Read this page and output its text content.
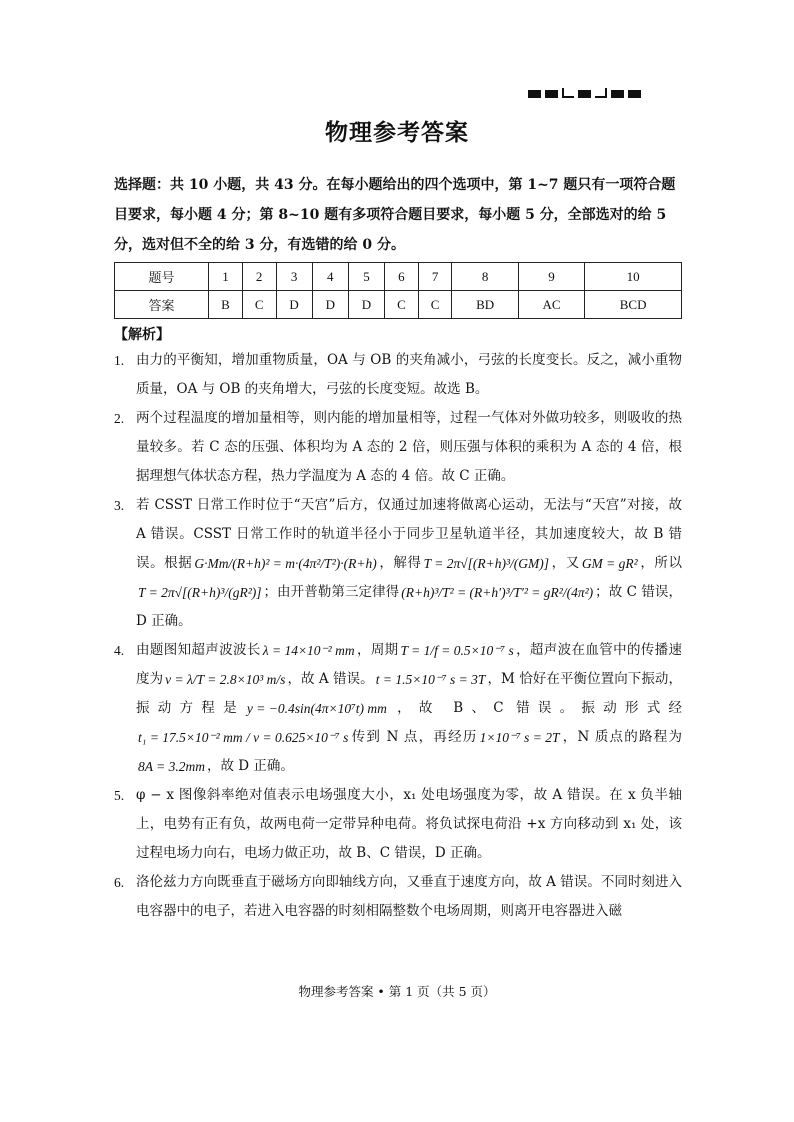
物理参考答案
选择题：共 10 小题，共 43 分。在每小题给出的四个选项中，第 1~7 题只有一项符合题目要求，每小题 4 分；第 8~10 题有多项符合题目要求，每小题 5 分，全部选对的给 5 分，选对但不全的给 3 分，有选错的给 0 分。
题号	1	2	3	4	5	6	7	8	9	10
答案	B	C	D	D	D	C	C	BD	AC	BCD
【解析】
1. 由力的平衡知，增加重物质量，OA 与 OB 的夹角减小，弓弦的长度变长。反之，减小重物质量，OA 与 OB 的夹角增大，弓弦的长度变短。故选 B。

2. 两个过程温度的增加量相等，则内能的增加量相等，过程一气体对外做功较多，则吸收的热量较多。若 C 态的压强、体积均为 A 态的 2 倍，则压强与体积的乘积为 A 态的 4 倍，根据理想气体状态方程，热力学温度为 A 态的 4 倍。故 C 正确。

3. 若 CSST 日常工作时位于“天宫”后方，仅通过加速将做离心运动，无法与“天宫”对接，故 A 错误。CSST 日常工作时的轨道半径小于同步卫星轨道半径，其加速度较大，故 B 错误。根据 G·Mm/(R+h)² = m·(4π²/T²)·(R+h) ，解得 T = 2π√[(R+h)³/(GM)] ，又 GM = gR² ，所以T = 2π√[(R+h)³/(gR²)] ；由开普勒第三定律得 (R+h)³/T² = (R+h′)³/T′² = gR²/(4π²) ；故 C 错误，D 正确。

4. 由题图知超声波波长 λ = 14×10⁻² mm ，周期 T = 1/f = 0.5×10⁻⁷ s ，超声波在血管中的传播速度为 v = λ/T = 2.8×10³ m/s ，故 A 错误。 t = 1.5×10⁻⁷ s = 3T ，M 恰好在平衡位置向下振动，振动方程是 y = −0.4sin(4π×10⁷t) mm ，故 B、C 错误。振动形式经t₁ = 17.5×10⁻² mm / v = 0.625×10⁻⁷ s 传到 N 点，再经历 1×10⁻⁷ s = 2T ，N 质点的路程为8A = 3.2mm ，故 D 正确。

5. φ − x 图像斜率绝对值表示电场强度大小，x₁ 处电场强度为零，故 A 错误。在 x 负半轴上，电势有正有负，故两电荷一定带异种电荷。将负试探电荷沿 +x 方向移动到 x₁ 处，该过程电场力向右，电场力做正功，故 B、C 错误，D 正确。

6. 洛伦兹力方向既垂直于磁场方向即轴线方向，又垂直于速度方向，故 A 错误。不同时刻进入电容器中的电子，若进入电容器的时刻相隔整数个电场周期，则离开电容器进入磁

物理参考答案 • 第 1 页（共 5 页）
